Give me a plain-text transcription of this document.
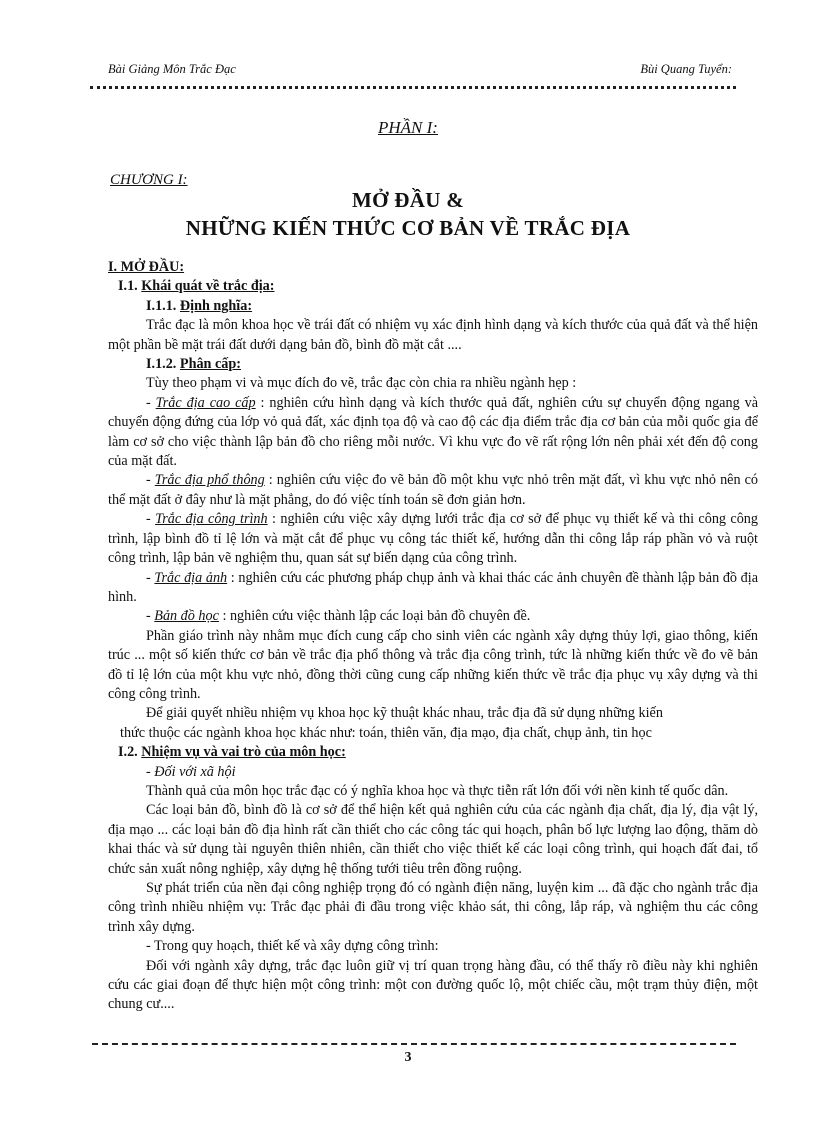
Bài Giảng Môn Trắc Đạc	Bùi Quang Tuyển:
PHẦN I:
CHƯƠNG I:
MỞ ĐẦU &
NHỮNG KIẾN THỨC CƠ BẢN VỀ TRẮC ĐỊA

I. MỞ ĐẦU:

I.1. Khái quát về trắc địa:

I.1.1. Định nghĩa:

Trắc đạc là môn khoa học về trái đất có nhiệm vụ xác định hình dạng và kích thước của quả đất và thể hiện một phần bề mặt trái đất dưới dạng bản đồ, bình đồ mặt cắt ....

I.1.2. Phân cấp:

Tùy theo phạm vi và mục đích đo vẽ, trắc đạc còn chia ra nhiều ngành hẹp :

- Trắc địa cao cấp : nghiên cứu hình dạng và kích thước quả đất, nghiên cứu sự chuyển động ngang và chuyển động đứng của lớp vỏ quả đất, xác định tọa độ và cao độ các địa điểm trắc địa cơ bản của mỗi quốc gia để làm cơ sở cho việc thành lập bản đồ cho riêng mỗi nước. Vì khu vực đo vẽ rất rộng lớn nên phải xét đến độ cong của mặt đất.

- Trắc địa phổ thông : nghiên cứu việc đo vẽ bản đồ một khu vực nhỏ trên mặt đất, vì khu vực nhỏ nên có thể mặt đất ở đây như là mặt phẳng, do đó việc tính toán sẽ đơn giản hơn.

- Trắc địa công trình : nghiên cứu việc xây dựng lưới trắc địa cơ sở để phục vụ thiết kế và thi công công trình, lập bình đồ tỉ lệ lớn và mặt cắt để phục vụ công tác thiết kế, hướng dẫn thi công lắp ráp phần vỏ và ruột công trình, lập bản vẽ nghiệm thu, quan sát sự biến dạng của công trình.

- Trắc địa ảnh : nghiên cứu các phương pháp chụp ảnh và khai thác các ảnh chuyên đề thành lập bản đồ địa hình.

- Bản đồ học : nghiên cứu việc thành lập các loại bản đồ chuyên đề.

Phần giáo trình này nhằm mục đích cung cấp cho sinh viên các ngành xây dựng thủy lợi, giao thông, kiến trúc ... một số kiến thức cơ bản về trắc địa phổ thông và trắc địa công trình, tức là những kiến thức về đo vẽ bản đồ tỉ lệ lớn của một khu vực nhỏ, đồng thời cũng cung cấp những kiến thức về trắc địa phục vụ xây dựng và thi công công trình.

Để giải quyết nhiều nhiệm vụ khoa học kỹ thuật khác nhau, trắc địa đã sử dụng những kiến

thức thuộc các ngành khoa học khác như: toán, thiên văn, địa mạo, địa chất, chụp ảnh, tin học

I.2. Nhiệm vụ và vai trò của môn học:

- Đối với xã hội

Thành quả của môn học trắc đạc có ý nghĩa khoa học và thực tiễn rất lớn đối với nền kinh tế quốc dân.

Các loại bản đồ, bình đồ là cơ sở để thể hiện kết quả nghiên cứu của các ngành địa chất, địa lý, địa vật lý, địa mạo ... các loại bản đồ địa hình rất cần thiết cho các công tác qui hoạch, phân bố lực lượng lao động, thăm dò khai thác và sử dụng tài nguyên thiên nhiên, cần thiết cho việc thiết kế các loại công trình, qui hoạch đất đai, tổ chức sản xuất nông nghiệp, xây dựng hệ thống tưới tiêu trên đồng ruộng.

Sự phát triển của nền đại công nghiệp trọng đó có ngành điện năng, luyện kim ... đã đặc cho ngành trắc địa công trình nhiều nhiệm vụ: Trắc đạc phải đi đầu trong việc khảo sát, thi công, lắp ráp, và nghiệm thu các công trình xây dựng.

- Trong quy hoạch, thiết kế và xây dựng công trình:

Đối với ngành xây dựng, trắc đạc luôn giữ vị trí quan trọng hàng đầu, có thể thấy rõ điều này khi nghiên cứu các giai đoạn để thực hiện một công trình: một con đường quốc lộ, một chiếc cầu, một trạm thủy điện, một chung cư....

3
